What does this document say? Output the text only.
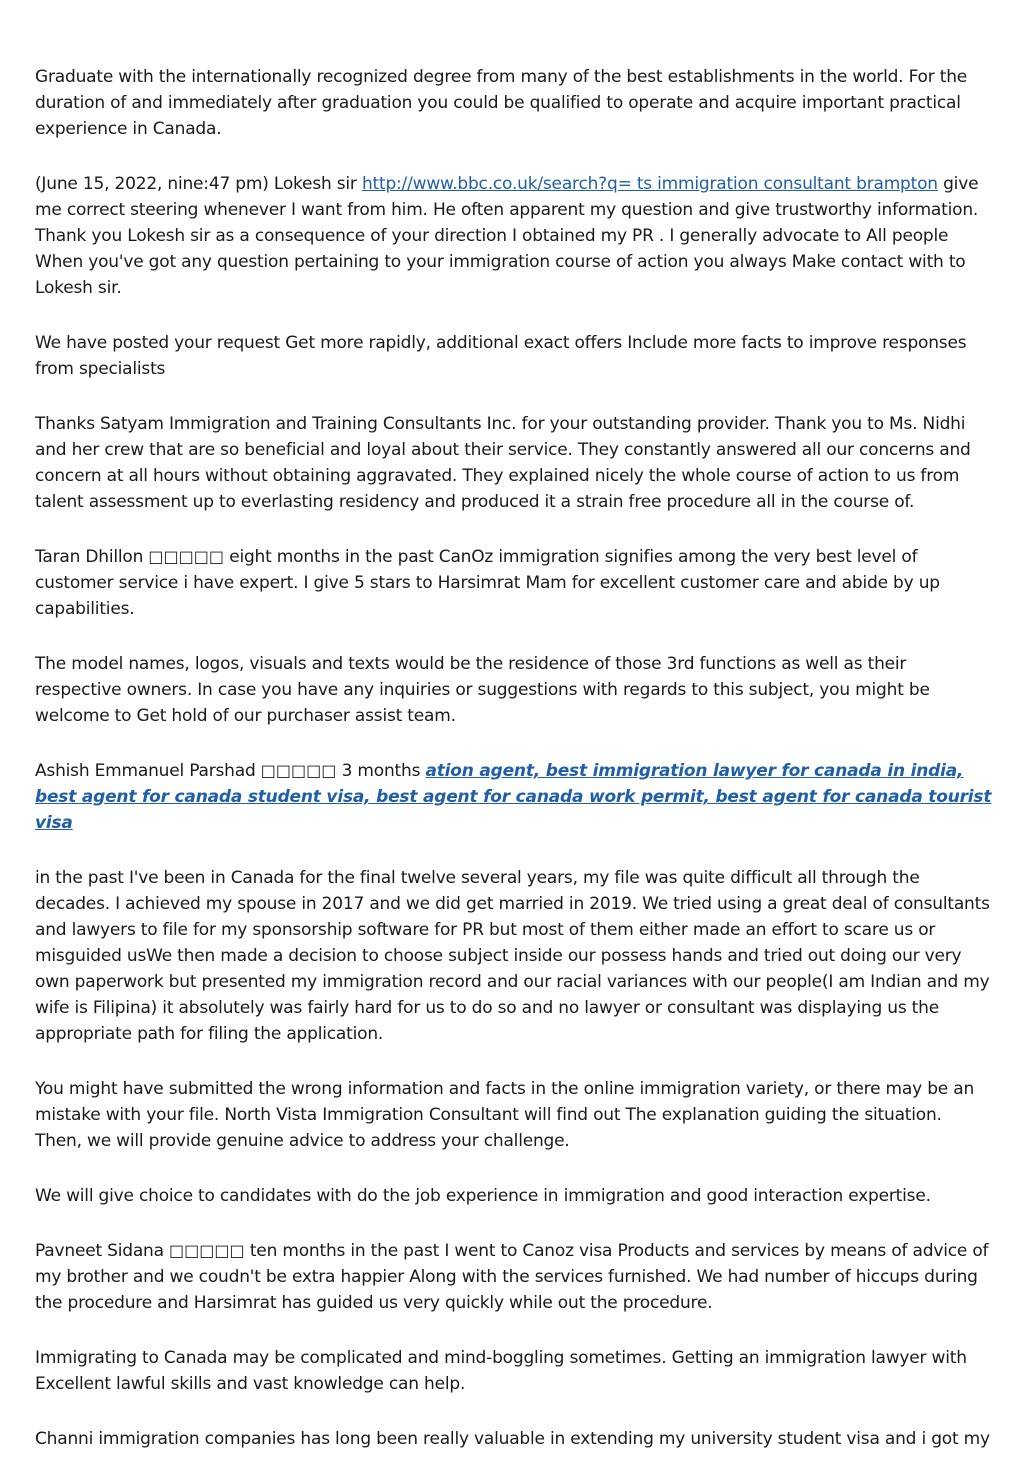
Graduate with the internationally recognized degree from many of the best establishments in the world. For the duration of and immediately after graduation you could be qualified to operate and acquire important practical experience in Canada.

(June 15, 2022, nine:47 pm) Lokesh sir http://www.bbc.co.uk/search?q= ts immigration consultant brampton give me correct steering whenever I want from him. He often apparent my question and give trustworthy information. Thank you Lokesh sir as a consequence of your direction I obtained my PR . I generally advocate to All people When you've got any question pertaining to your immigration course of action you always Make contact with to Lokesh sir.

We have posted your request Get more rapidly, additional exact offers Include more facts to improve responses from specialists

Thanks Satyam Immigration and Training Consultants Inc. for your outstanding provider. Thank you to Ms. Nidhi and her crew that are so beneficial and loyal about their service. They constantly answered all our concerns and concern at all hours without obtaining aggravated. They explained nicely the whole course of action to us from talent assessment up to everlasting residency and produced it a strain free procedure all in the course of.

Taran Dhillon □□□□□ eight months in the past CanOz immigration signifies among the very best level of customer service i have expert. I give 5 stars to Harsimrat Mam for excellent customer care and abide by up capabilities.

The model names, logos, visuals and texts would be the residence of those 3rd functions as well as their respective owners. In case you have any inquiries or suggestions with regards to this subject, you might be welcome to Get hold of our purchaser assist team.

Ashish Emmanuel Parshad □□□□□ 3 months ation agent, best immigration lawyer for canada in india, best agent for canada student visa, best agent for canada work permit, best agent for canada tourist visa

in the past I've been in Canada for the final twelve several years, my file was quite difficult all through the decades. I achieved my spouse in 2017 and we did get married in 2019. We tried using a great deal of consultants and lawyers to file for my sponsorship software for PR but most of them either made an effort to scare us or misguided usWe then made a decision to choose subject inside our possess hands and tried out doing our very own paperwork but presented my immigration record and our racial variances with our people(I am Indian and my wife is Filipina) it absolutely was fairly hard for us to do so and no lawyer or consultant was displaying us the appropriate path for filing the application.

You might have submitted the wrong information and facts in the online immigration variety, or there may be an mistake with your file. North Vista Immigration Consultant will find out The explanation guiding the situation. Then, we will provide genuine advice to address your challenge.

We will give choice to candidates with do the job experience in immigration and good interaction expertise.

Pavneet Sidana □□□□□ ten months in the past I went to Canoz visa Products and services by means of advice of my brother and we coudn't be extra happier Along with the services furnished. We had number of hiccups during the procedure and Harsimrat has guided us very quickly while out the procedure.

Immigrating to Canada may be complicated and mind-boggling sometimes. Getting an immigration lawyer with Excellent lawful skills and vast knowledge can help.

Channi immigration companies has long been really valuable in extending my university student visa and i got my
